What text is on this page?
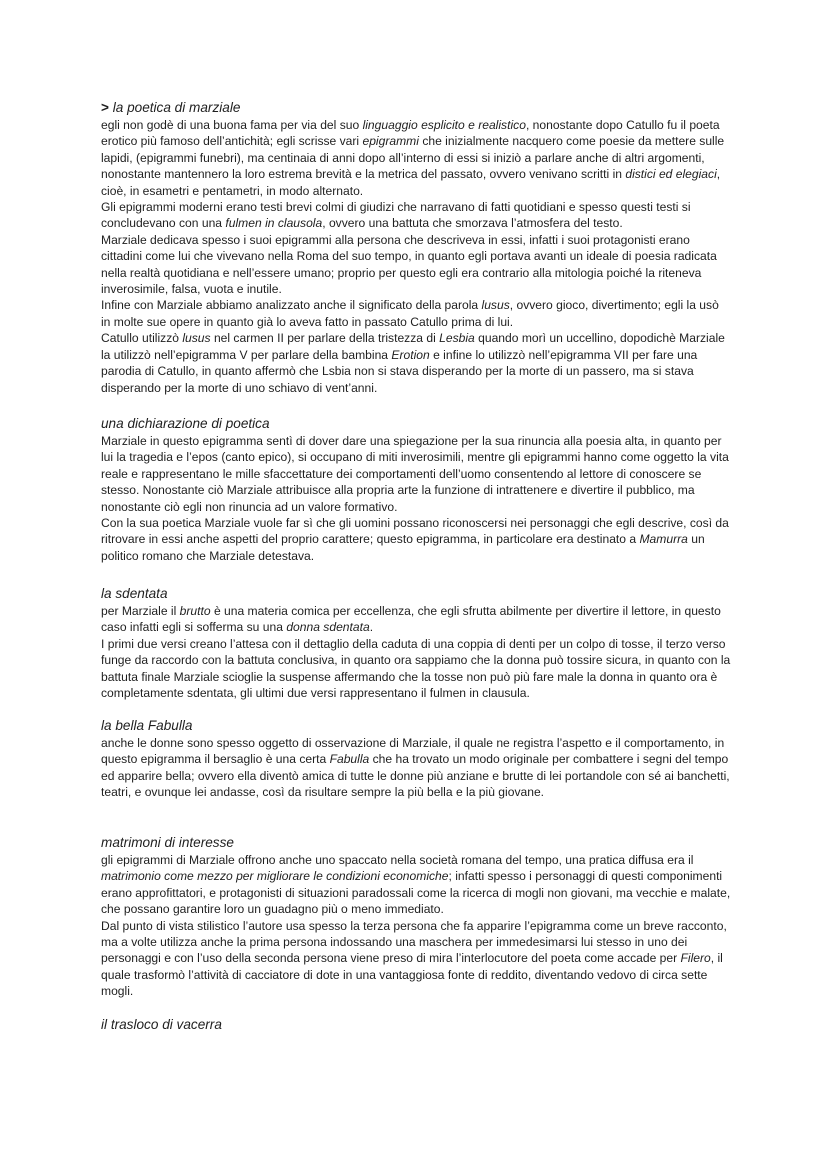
> la poetica di marziale

egli non godè di una buona fama per via del suo linguaggio esplicito e realistico, nonostante dopo Catullo fu il poeta erotico più famoso dell’antichità; egli scrisse vari epigrammi che inizialmente nacquero come poesie da mettere sulle lapidi, (epigrammi funebri), ma centinaia di anni dopo all’interno di essi si iniziò a parlare anche di altri argomenti, nonostante mantennero la loro estrema brevità e la metrica del passato, ovvero venivano scritti in distici ed elegiaci, cioè, in esametri e pentametri, in modo alternato.

Gli epigrammi moderni erano testi brevi colmi di giudizi che narravano di fatti quotidiani e spesso questi testi si concludevano con una fulmen in clausola, ovvero una battuta che smorzava l’atmosfera del testo.

Marziale dedicava spesso i suoi epigrammi alla persona che descriveva in essi, infatti i suoi protagonisti erano cittadini come lui che vivevano nella Roma del suo tempo, in quanto egli portava avanti un ideale di poesia radicata nella realtà quotidiana e nell’essere umano; proprio per questo egli era contrario alla mitologia poiché la riteneva inverosimile, falsa, vuota e inutile.

Infine con Marziale abbiamo analizzato anche il significato della parola lusus, ovvero gioco, divertimento; egli la usò in molte sue opere in quanto già lo aveva fatto in passato Catullo prima di lui.

Catullo utilizzò lusus nel carmen II per parlare della tristezza di Lesbia quando morì un uccellino, dopodichè Marziale la utilizzò nell’epigramma V per parlare della bambina Erotion e infine lo utilizzò nell’epigramma VII per fare una parodia di Catullo, in quanto affermò che Lsbia non si stava disperando per la morte di un passero, ma si stava disperando per la morte di uno schiavo di vent’anni.

una dichiarazione di poetica

Marziale in questo epigramma sentì di dover dare una spiegazione per la sua rinuncia alla poesia alta, in quanto per lui la tragedia e l’epos (canto epico), si occupano di miti inverosimili, mentre gli epigrammi hanno come oggetto la vita reale e rappresentano le mille sfaccettature dei comportamenti dell’uomo consentendo al lettore di conoscere se stesso. Nonostante ciò Marziale attribuisce alla propria arte la funzione di intrattenere e divertire il pubblico, ma nonostante ciò egli non rinuncia ad un valore formativo.

Con la sua poetica Marziale vuole far sì che gli uomini possano riconoscersi nei personaggi che egli descrive, così da ritrovare in essi anche aspetti del proprio carattere; questo epigramma, in particolare era destinato a Mamurra un politico romano che Marziale detestava.

la sdentata

per Marziale il brutto è una materia comica per eccellenza, che egli sfrutta abilmente per divertire il lettore, in questo caso infatti egli si sofferma su una donna sdentata.

I primi due versi creano l’attesa con il dettaglio della caduta di una coppia di denti per un colpo di tosse, il terzo verso funge da raccordo con la battuta conclusiva, in quanto ora sappiamo che la donna può tossire sicura, in quanto con la battuta finale Marziale scioglie la suspense affermando che la tosse non può più fare male la donna in quanto ora è completamente sdentata, gli ultimi due versi rappresentano il fulmen in clausula.

la bella Fabulla

anche le donne sono spesso oggetto di osservazione di Marziale, il quale ne registra l’aspetto e il comportamento, in questo epigramma il bersaglio è una certa Fabulla che ha trovato un modo originale per combattere i segni del tempo ed apparire bella; ovvero ella diventò amica di tutte le donne più anziane e brutte di lei portandole con sé ai banchetti, teatri, e ovunque lei andasse, così da risultare sempre la più bella e la più giovane.

matrimoni di interesse

gli epigrammi di Marziale offrono anche uno spaccato nella società romana del tempo, una pratica diffusa era il matrimonio come mezzo per migliorare le condizioni economiche; infatti spesso i personaggi di questi componimenti erano approfittatori, e protagonisti di situazioni paradossali come la ricerca di mogli non giovani, ma vecchie e malate, che possano garantire loro un guadagno più o meno immediato.

Dal punto di vista stilistico l’autore usa spesso la terza persona che fa apparire l’epigramma come un breve racconto, ma a volte utilizza anche la prima persona indossando una maschera per immedesimarsi lui stesso in uno dei personaggi e con l’uso della seconda persona viene preso di mira l’interlocutore del poeta come accade per Filero, il quale trasformò l’attività di cacciatore di dote in una vantaggiosa fonte di reddito, diventando vedovo di circa sette mogli.

il trasloco di vacerra
